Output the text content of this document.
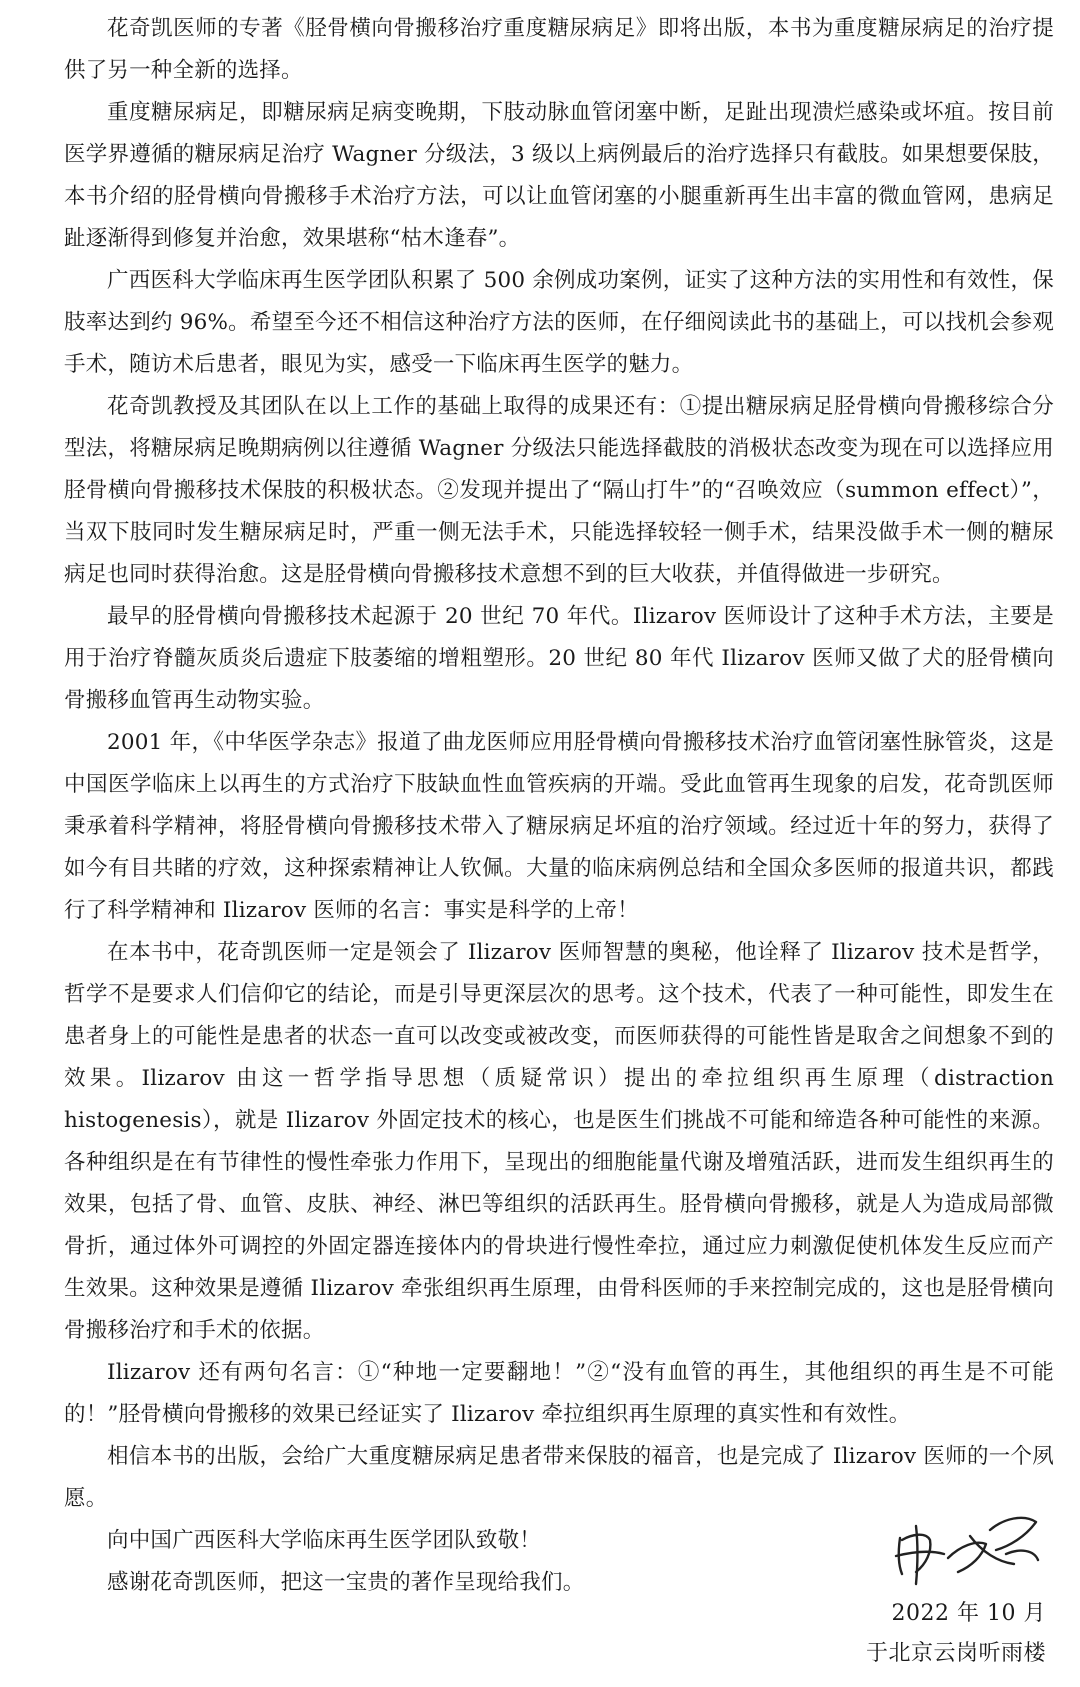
花奇凯医师的专著《胫骨横向骨搬移治疗重度糖尿病足》即将出版，本书为重度糖尿病足的治疗提供了另一种全新的选择。

重度糖尿病足，即糖尿病足病变晚期，下肢动脉血管闭塞中断，足趾出现溃烂感染或坏疽。按目前医学界遵循的糖尿病足治疗 Wagner 分级法，3 级以上病例最后的治疗选择只有截肢。如果想要保肢，本书介绍的胫骨横向骨搬移手术治疗方法，可以让血管闭塞的小腿重新再生出丰富的微血管网，患病足趾逐渐得到修复并治愈，效果堪称“枯木逢春”。

广西医科大学临床再生医学团队积累了 500 余例成功案例，证实了这种方法的实用性和有效性，保肢率达到约 96%。希望至今还不相信这种治疗方法的医师，在仔细阅读此书的基础上，可以找机会参观手术，随访术后患者，眼见为实，感受一下临床再生医学的魅力。

花奇凯教授及其团队在以上工作的基础上取得的成果还有：①提出糖尿病足胫骨横向骨搬移综合分型法，将糖尿病足晚期病例以往遵循 Wagner 分级法只能选择截肢的消极状态改变为现在可以选择应用胫骨横向骨搬移技术保肢的积极状态。②发现并提出了“隔山打牛”的“召唤效应（summon effect）”，当双下肢同时发生糖尿病足时，严重一侧无法手术，只能选择较轻一侧手术，结果没做手术一侧的糖尿病足也同时获得治愈。这是胫骨横向骨搬移技术意想不到的巨大收获，并值得做进一步研究。

最早的胫骨横向骨搬移技术起源于 20 世纪 70 年代。Ilizarov 医师设计了这种手术方法，主要是用于治疗脊髓灰质炎后遗症下肢萎缩的增粗塑形。20 世纪 80 年代 Ilizarov 医师又做了犬的胫骨横向骨搬移血管再生动物实验。

2001 年，《中华医学杂志》报道了曲龙医师应用胫骨横向骨搬移技术治疗血管闭塞性脉管炎，这是中国医学临床上以再生的方式治疗下肢缺血性血管疾病的开端。受此血管再生现象的启发，花奇凯医师秉承着科学精神，将胫骨横向骨搬移技术带入了糖尿病足坏疽的治疗领域。经过近十年的努力，获得了如今有目共睹的疗效，这种探索精神让人钦佩。大量的临床病例总结和全国众多医师的报道共识，都践行了科学精神和 Ilizarov 医师的名言：事实是科学的上帝！

在本书中，花奇凯医师一定是领会了 Ilizarov 医师智慧的奥秘，他诠释了 Ilizarov 技术是哲学，哲学不是要求人们信仰它的结论，而是引导更深层次的思考。这个技术，代表了一种可能性，即发生在患者身上的可能性是患者的状态一直可以改变或被改变，而医师获得的可能性皆是取舍之间想象不到的效果。Ilizarov 由这一哲学指导思想（质疑常识）提出的牵拉组织再生原理（distraction histogenesis），就是 Ilizarov 外固定技术的核心，也是医生们挑战不可能和缔造各种可能性的来源。各种组织是在有节律性的慢性牵张力作用下，呈现出的细胞能量代谢及增殖活跃，进而发生组织再生的效果，包括了骨、血管、皮肤、神经、淋巴等组织的活跃再生。胫骨横向骨搬移，就是人为造成局部微骨折，通过体外可调控的外固定器连接体内的骨块进行慢性牵拉，通过应力刺激促使机体发生反应而产生效果。这种效果是遵循 Ilizarov 牵张组织再生原理，由骨科医师的手来控制完成的，这也是胫骨横向骨搬移治疗和手术的依据。

Ilizarov 还有两句名言：①“种地一定要翻地！”②“没有血管的再生，其他组织的再生是不可能的！”胫骨横向骨搬移的效果已经证实了 Ilizarov 牵拉组织再生原理的真实性和有效性。

相信本书的出版，会给广大重度糖尿病足患者带来保肢的福音，也是完成了 Ilizarov 医师的一个夙愿。

向中国广西医科大学临床再生医学团队致敬！

感谢花奇凯医师，把这一宝贵的著作呈现给我们。

2022 年 10 月

于北京云岗听雨楼
